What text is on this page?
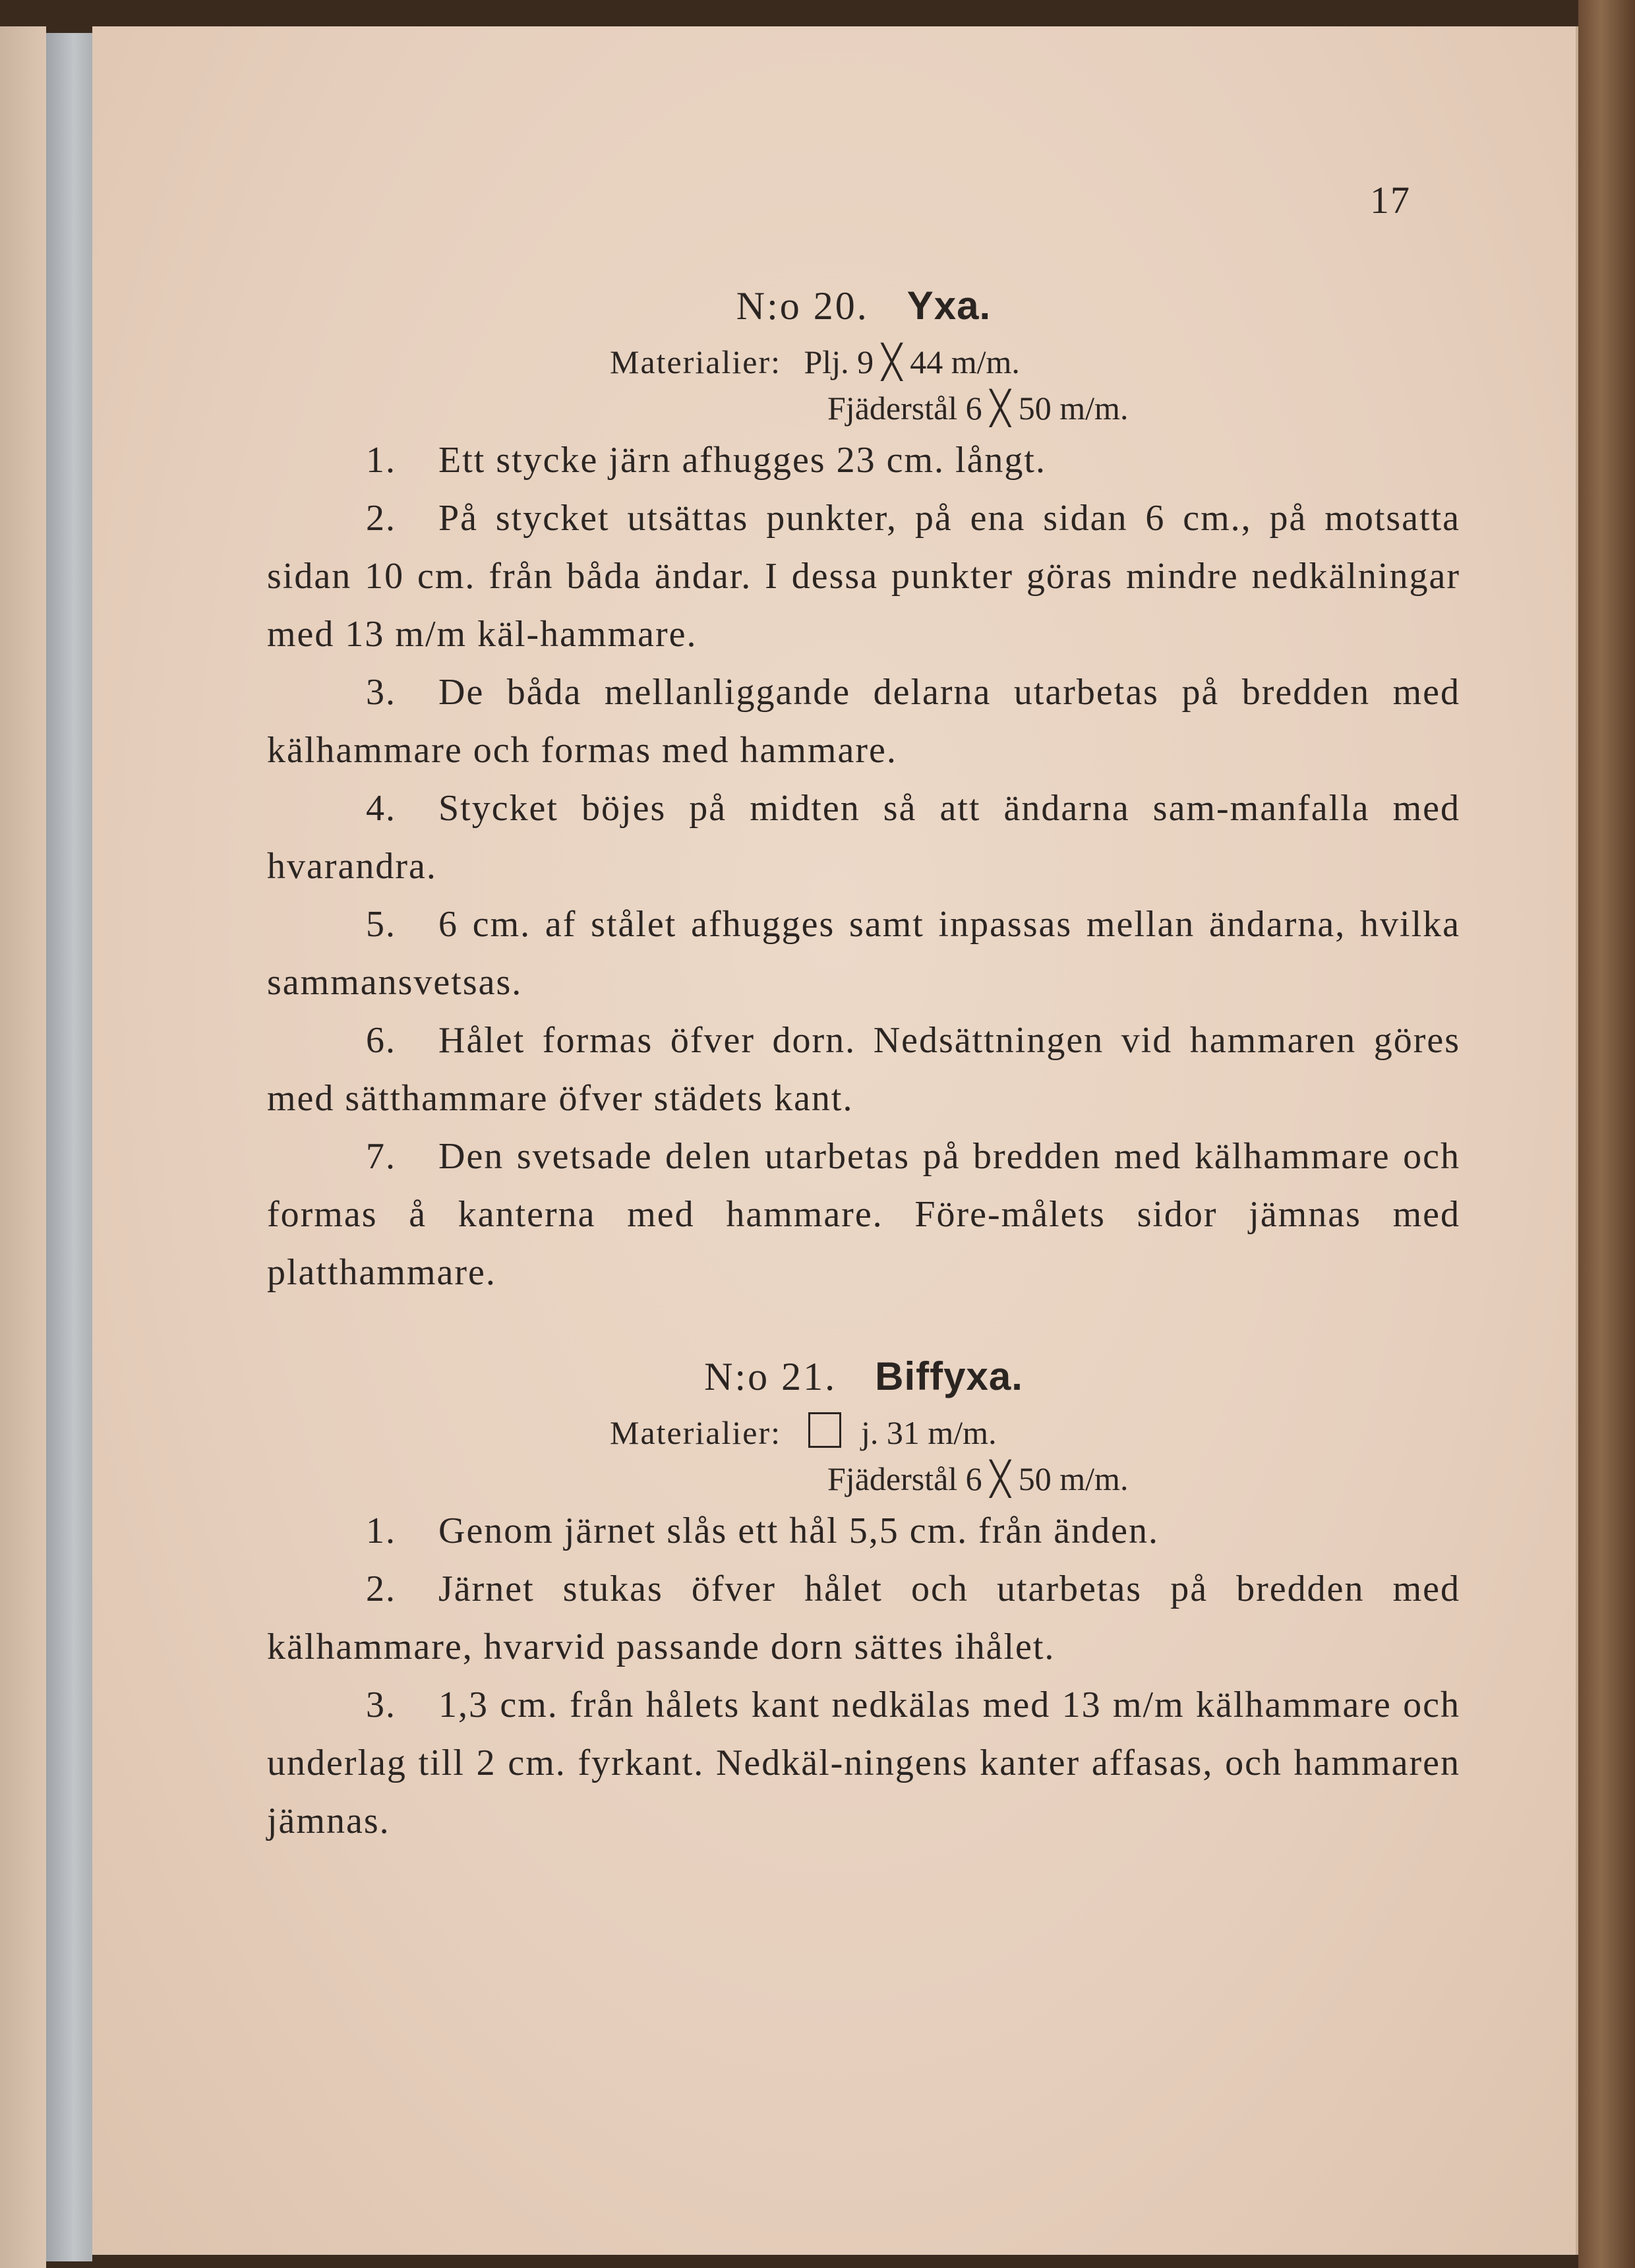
17
N:o 20. Yxa.
Materialier: Plj. 9 ╳ 44 m/m.
Fjäderstål 6 ╳ 50 m/m.

1. Ett stycke järn afhugges 23 cm. långt.

2. På stycket utsättas punkter, på ena sidan 6 cm., på motsatta sidan 10 cm. från båda ändar. I dessa punkter göras mindre nedkälningar med 13 m/m käl-hammare.

3. De båda mellanliggande delarna utarbetas på bredden med kälhammare och formas med hammare.

4. Stycket böjes på midten så att ändarna sam-manfalla med hvarandra.

5. 6 cm. af stålet afhugges samt inpassas mellan ändarna, hvilka sammansvetsas.

6. Hålet formas öfver dorn. Nedsättningen vid hammaren göres med sätthammare öfver städets kant.

7. Den svetsade delen utarbetas på bredden med kälhammare och formas å kanterna med hammare. Före-målets sidor jämnas med platthammare.

N:o 21. Biffyxa.
Materialier: j. 31 m/m.
Fjäderstål 6 ╳ 50 m/m.

1. Genom järnet slås ett hål 5,5 cm. från änden.

2. Järnet stukas öfver hålet och utarbetas på bredden med kälhammare, hvarvid passande dorn sättes ihålet.

3. 1,3 cm. från hålets kant nedkälas med 13 m/m kälhammare och underlag till 2 cm. fyrkant. Nedkäl-ningens kanter affasas, och hammaren jämnas.
